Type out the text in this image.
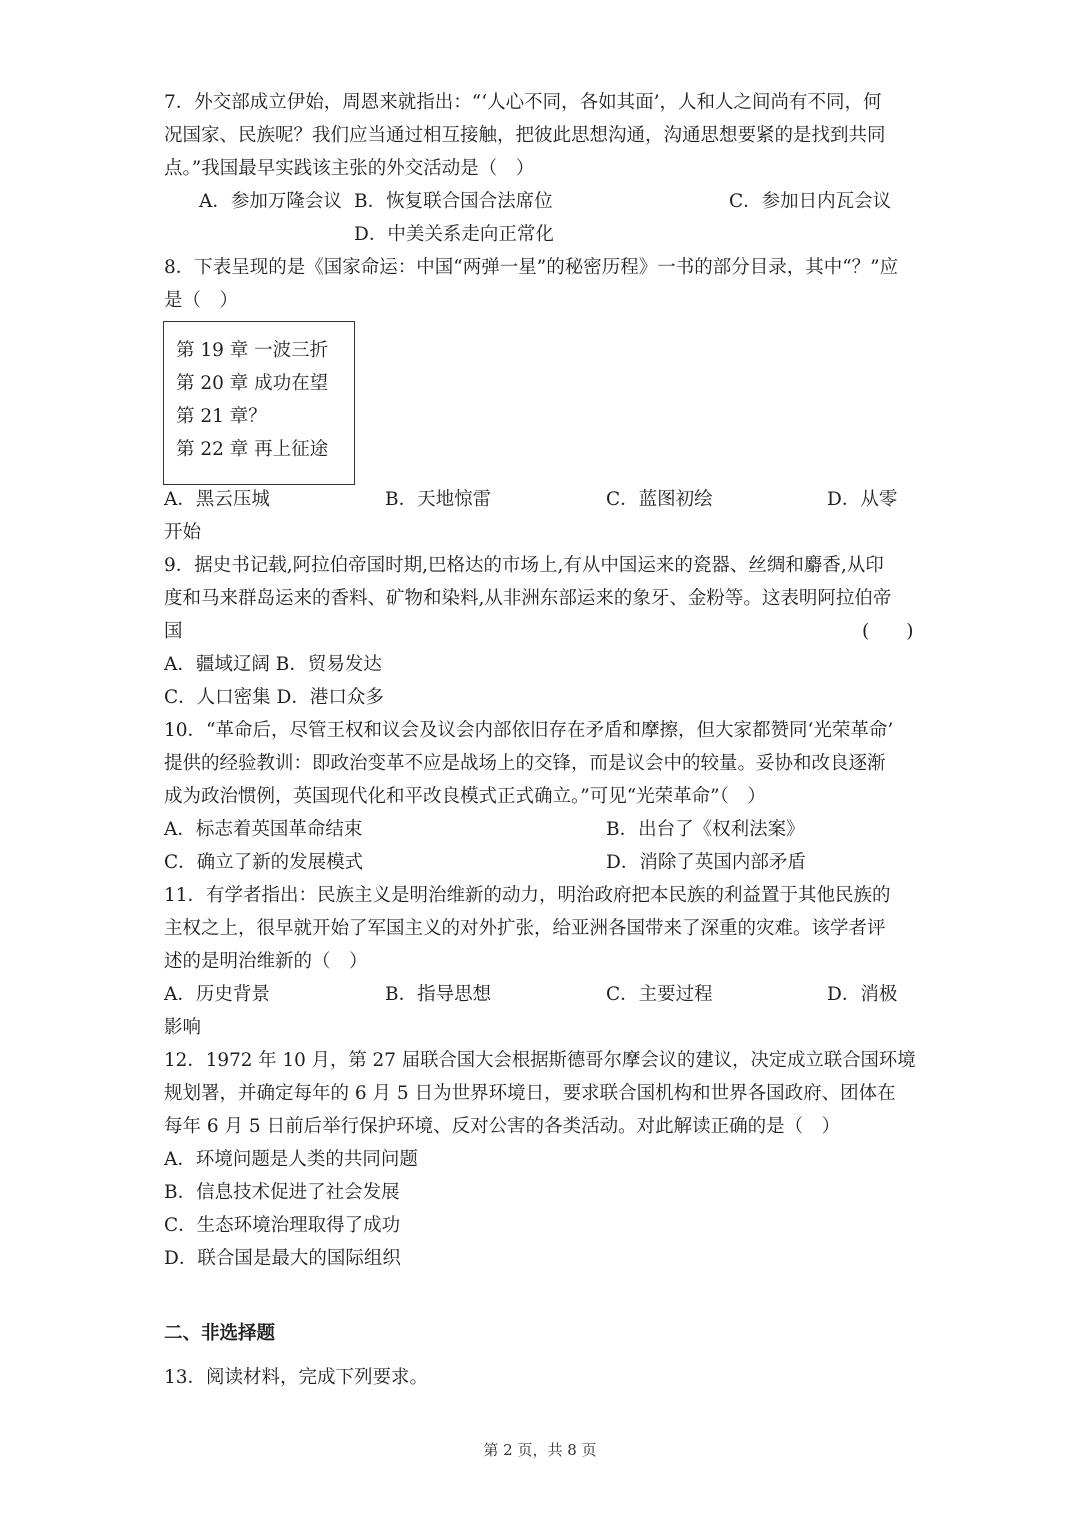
7．外交部成立伊始，周恩来就指出：“‘人心不同，各如其面’，人和人之间尚有不同，何
况国家、民族呢？我们应当通过相互接触，把彼此思想沟通，沟通思想要紧的是找到共同
点。”我国最早实践该主张的外交活动是（　）
A．参加万隆会议 B．恢复联合国合法席位	C．参加日内瓦会议
D．中美关系走向正常化
8．下表呈现的是《国家命运：中国“两弹一星”的秘密历程》一书的部分目录，其中“？”应
是（　）
第 19 章 一波三折
第 20 章 成功在望
第 21 章？
第 22 章 再上征途
A．黑云压城	B．天地惊雷	C．蓝图初绘	D．从零
开始
9．据史书记载,阿拉伯帝国时期,巴格达的市场上,有从中国运来的瓷器、丝绸和麝香,从印
度和马来群岛运来的香料、矿物和染料,从非洲东部运来的象牙、金粉等。这表明阿拉伯帝
国	(　　)
A．疆域辽阔 B．贸易发达
C．人口密集 D．港口众多
10．“革命后，尽管王权和议会及议会内部依旧存在矛盾和摩擦，但大家都赞同‘光荣革命’
提供的经验教训：即政治变革不应是战场上的交锋，而是议会中的较量。妥协和改良逐渐
成为政治惯例，英国现代化和平改良模式正式确立。”可见“光荣革命”（　）
A．标志着英国革命结束	B．出台了《权利法案》
C．确立了新的发展模式	D．消除了英国内部矛盾
11．有学者指出：民族主义是明治维新的动力，明治政府把本民族的利益置于其他民族的
主权之上，很早就开始了军国主义的对外扩张，给亚洲各国带来了深重的灾难。该学者评
述的是明治维新的（　）
A．历史背景	B．指导思想	C．主要过程	D．消极
影响
12．1972 年 10 月，第 27 届联合国大会根据斯德哥尔摩会议的建议，决定成立联合国环境
规划署，并确定每年的 6 月 5 日为世界环境日，要求联合国机构和世界各国政府、团体在
每年 6 月 5 日前后举行保护环境、反对公害的各类活动。对此解读正确的是（　）
A．环境问题是人类的共同问题
B．信息技术促进了社会发展
C．生态环境治理取得了成功
D．联合国是最大的国际组织
二、非选择题
13．阅读材料，完成下列要求。
第 2 页，共 8 页
